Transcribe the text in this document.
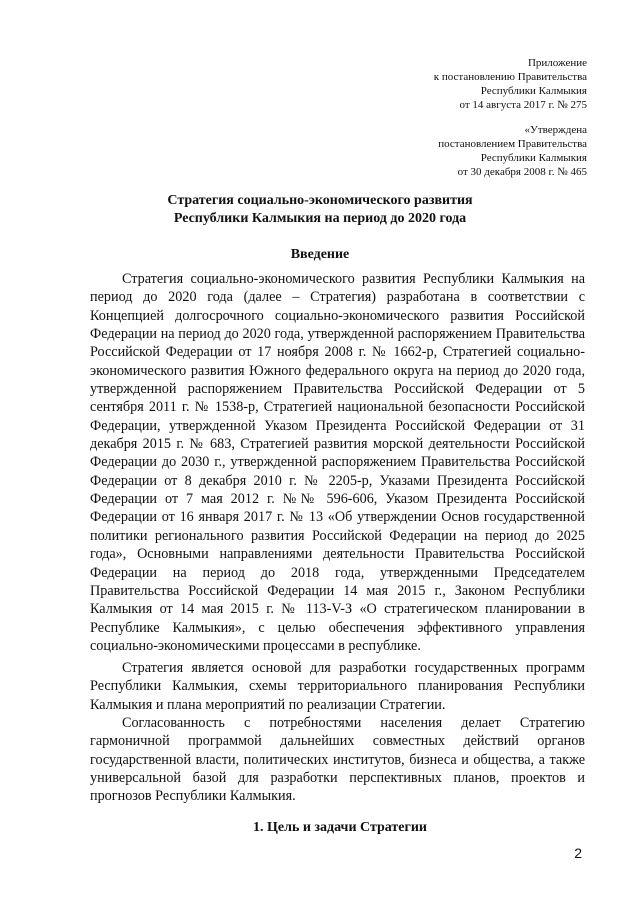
Приложение
к постановлению Правительства
Республики Калмыкия
от 14 августа 2017 г. № 275
«Утверждена
постановлением Правительства
Республики Калмыкия
от 30 декабря 2008 г. № 465
Стратегия социально-экономического развития
Республики Калмыкия на период до 2020 года
Введение

Стратегия социально-экономического развития Республики Калмыкия на период до 2020 года (далее – Стратегия) разработана в соответствии с Концепцией долгосрочного социально-экономического развития Российской Федерации на период до 2020 года, утвержденной распоряжением Правительства Российской Федерации от 17 ноября 2008 г. № 1662-р, Стратегией социально-экономического развития Южного федерального округа на период до 2020 года, утвержденной распоряжением Правительства Российской Федерации от 5 сентября 2011 г. № 1538-р, Стратегией национальной безопасности Российской Федерации, утвержденной Указом Президента Российской Федерации от 31 декабря 2015 г. № 683, Стратегией развития морской деятельности Российской Федерации до 2030 г., утвержденной распоряжением Правительства Российской Федерации от 8 декабря 2010 г. № 2205-р, Указами Президента Российской Федерации от 7 мая 2012 г. №№ 596-606, Указом Президента Российской Федерации от 16 января 2017 г. № 13 «Об утверждении Основ государственной политики регионального развития Российской Федерации на период до 2025 года», Основными направлениями деятельности Правительства Российской Федерации на период до 2018 года, утвержденными Председателем Правительства Российской Федерации 14 мая 2015 г., Законом Республики Калмыкия от 14 мая 2015 г. № 113-V-З «О стратегическом планировании в Республике Калмыкия», с целью обеспечения эффективного управления социально-экономическими процессами в республике.

Стратегия является основой для разработки государственных программ Республики Калмыкия, схемы территориального планирования Республики Калмыкия и плана мероприятий по реализации Стратегии.

Согласованность с потребностями населения делает Стратегию гармоничной программой дальнейших совместных действий органов государственной власти, политических институтов, бизнеса и общества, а также универсальной базой для разработки перспективных планов, проектов и прогнозов Республики Калмыкия.

1. Цель и задачи Стратегии
2
